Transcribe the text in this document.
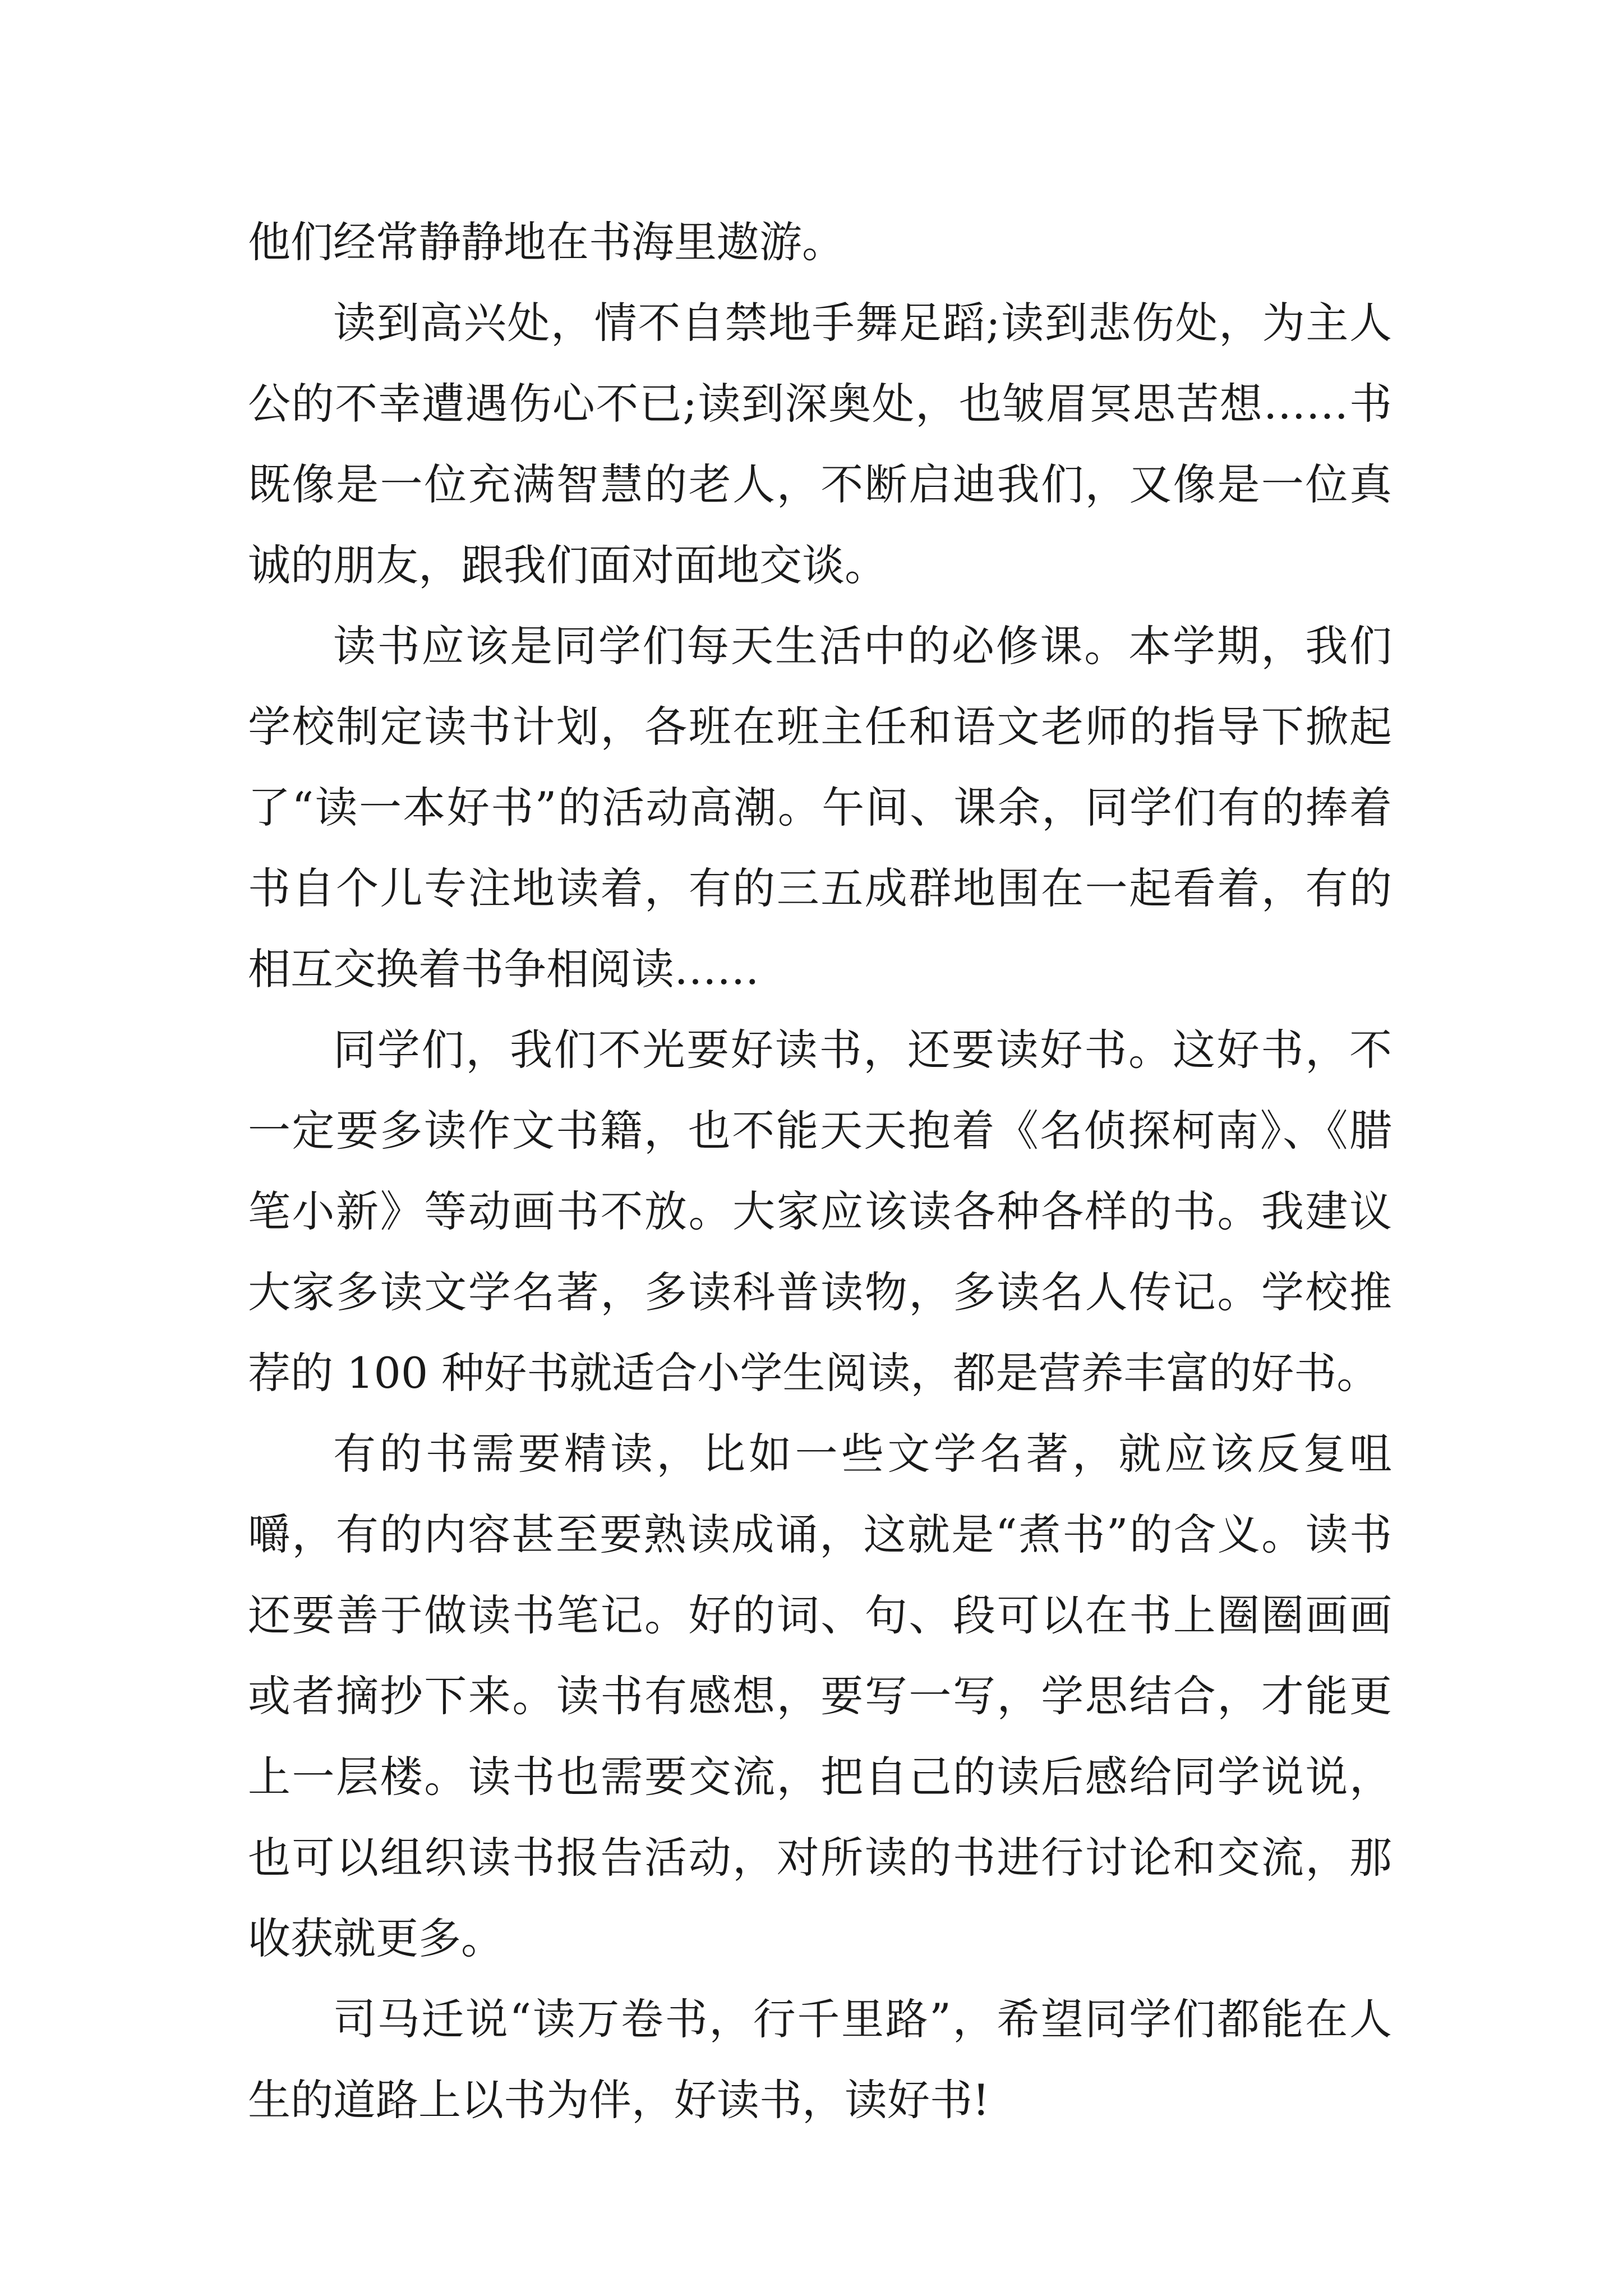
他们经常静静地在书海里遨游。

读到高兴处，情不自禁地手舞足蹈;读到悲伤处，为主人公的不幸遭遇伤心不已;读到深奥处，也皱眉冥思苦想……书既像是一位充满智慧的老人，不断启迪我们，又像是一位真诚的朋友，跟我们面对面地交谈。

读书应该是同学们每天生活中的必修课。本学期，我们学校制定读书计划，各班在班主任和语文老师的指导下掀起了“读一本好书”的活动高潮。午间、课余，同学们有的捧着书自个儿专注地读着，有的三五成群地围在一起看着，有的相互交换着书争相阅读……

同学们，我们不光要好读书，还要读好书。这好书，不一定要多读作文书籍，也不能天天抱着《名侦探柯南》、《腊笔小新》等动画书不放。大家应该读各种各样的书。我建议大家多读文学名著，多读科普读物，多读名人传记。学校推荐的 100 种好书就适合小学生阅读，都是营养丰富的好书。

有的书需要精读，比如一些文学名著，就应该反复咀嚼，有的内容甚至要熟读成诵，这就是“煮书”的含义。读书还要善于做读书笔记。好的词、句、段可以在书上圈圈画画或者摘抄下来。读书有感想，要写一写，学思结合，才能更上一层楼。读书也需要交流，把自己的读后感给同学说说，也可以组织读书报告活动，对所读的书进行讨论和交流，那收获就更多。

司马迁说“读万卷书，行千里路”，希望同学们都能在人生的道路上以书为伴，好读书，读好书!
